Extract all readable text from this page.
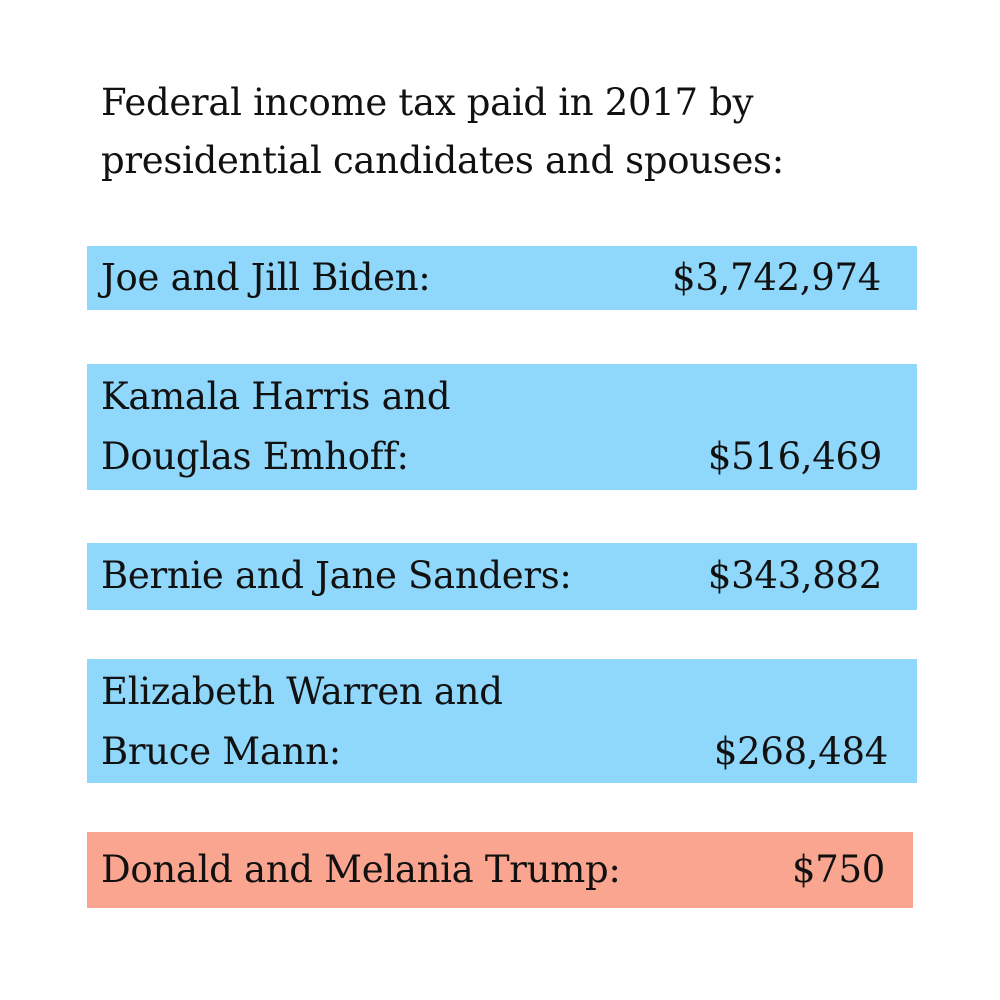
Federal income tax paid in 2017 by
presidential candidates and spouses:
Joe and Jill Biden:	$3,742,974
Kamala Harris and
Douglas Emhoff:	$516,469
Bernie and Jane Sanders:	$343,882
Elizabeth Warren and
Bruce Mann:	$268,484
Donald and Melania Trump:	$750
